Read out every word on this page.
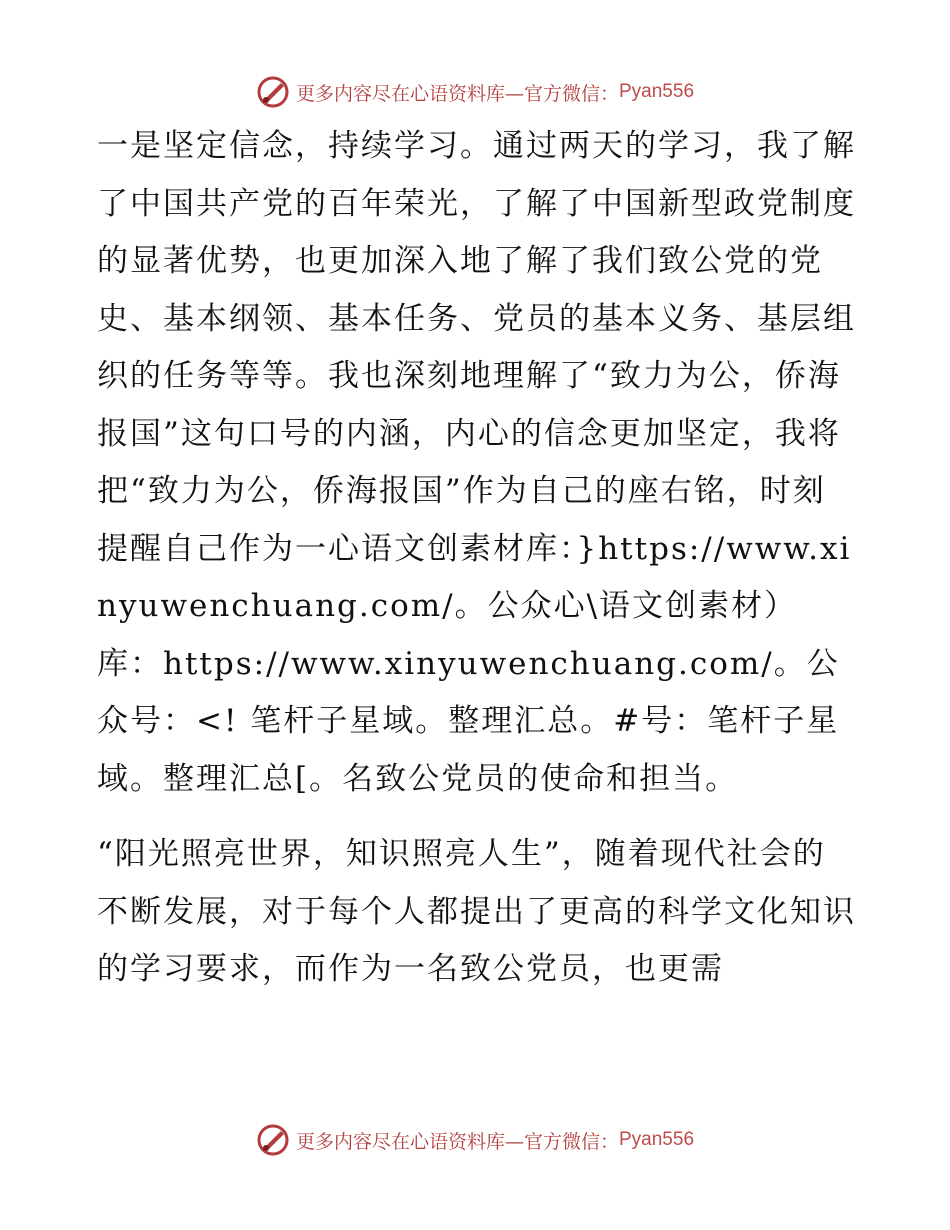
更多内容尽在心语资料库—官方微信： Pyan556

一是坚定信念，持续学习。通过两天的学习，我了解了中国共产党的百年荣光，了解了中国新型政党制度的显著优势，也更加深入地了解了我们致公党的党史、基本纲领、基本任务、党员的基本义务、基层组织的任务等等。我也深刻地理解了“致力为公，侨海报国”这句口号的内涵，内心的信念更加坚定，我将把“致力为公，侨海报国”作为自己的座右铭，时刻提醒自己作为一心语文创素材库：}https://www.xinyuwenchuang.com/。公众心\语文创素材）库：https://www.xinyuwenchuang.com/。公众号：<! 笔杆子星域。整理汇总。#号：笔杆子星域。整理汇总[。名致公党员的使命和担当。

“阳光照亮世界，知识照亮人生”，随着现代社会的不断发展，对于每个人都提出了更高的科学文化知识的学习要求，而作为一名致公党员，也更需

更多内容尽在心语资料库—官方微信： Pyan556
